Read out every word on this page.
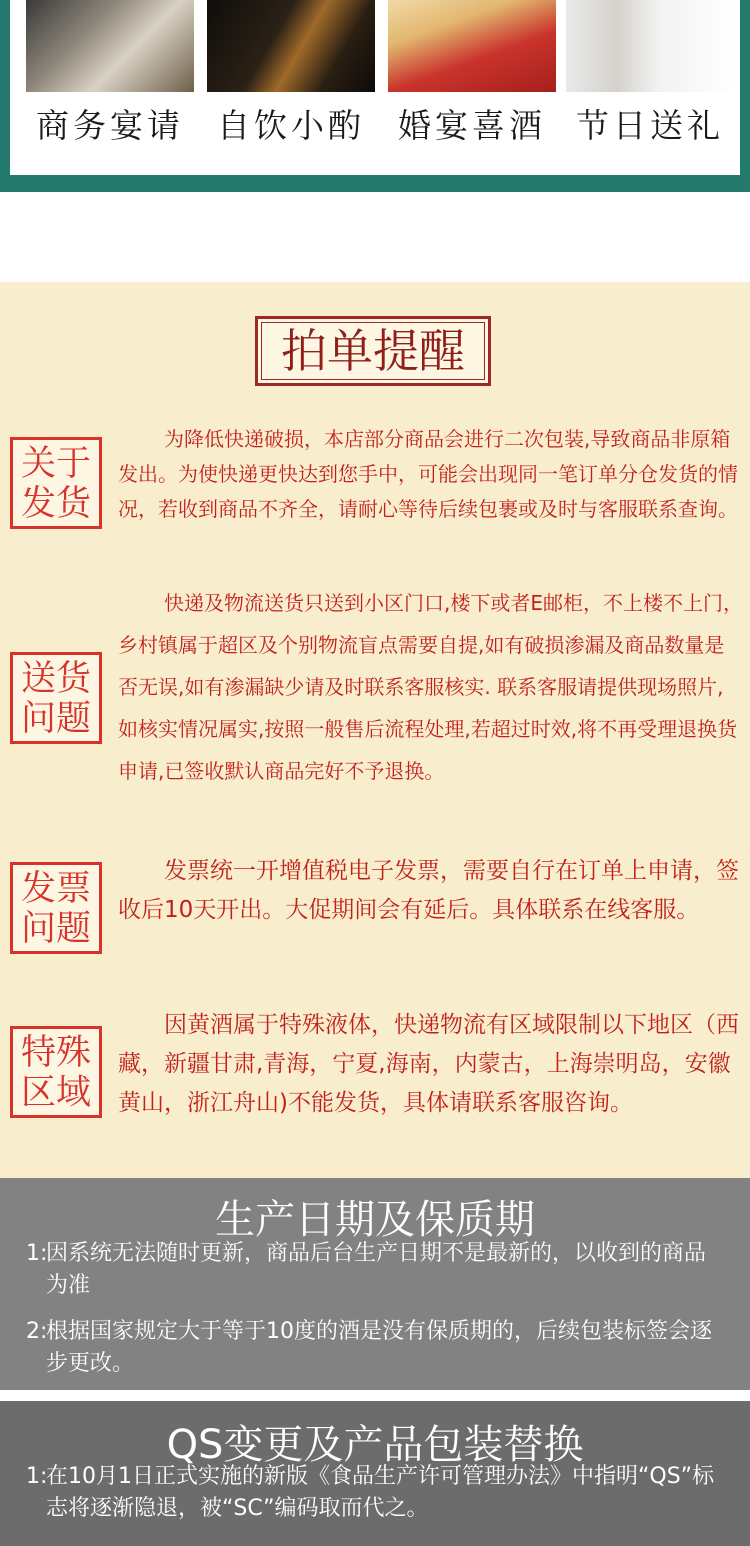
商务宴请	自饮小酌	婚宴喜酒 节日送礼
拍单提醒
关于
发货
为降低快递破损，本店部分商品会进行二次包装,导致商品非原箱发出。为使快递更快达到您手中，可能会出现同一笔订单分仓发货的情况，若收到商品不齐全，请耐心等待后续包裹或及时与客服联系查询。
送货
问题
快递及物流送货只送到小区门口,楼下或者E邮柜，不上楼不上门，乡村镇属于超区及个别物流盲点需要自提,如有破损渗漏及商品数量是否无误,如有渗漏缺少请及时联系客服核实. 联系客服请提供现场照片,如核实情况属实,按照一般售后流程处理,若超过时效,将不再受理退换货申请,已签收默认商品完好不予退换。
发票
问题
发票统一开增值税电子发票，需要自行在订单上申请，签收后10天开出。大促期间会有延后。具体联系在线客服。
特殊
区域
因黄酒属于特殊液体，快递物流有区域限制以下地区（西藏，新疆甘肃,青海，宁夏,海南，内蒙古，上海崇明岛，安徽黄山，浙江舟山)不能发货，具体请联系客服咨询。
生产日期及保质期
1:
因系统无法随时更新，商品后台生产日期不是最新的，以收到的商品为准
2:
根据国家规定大于等于10度的酒是没有保质期的，后续包装标签会逐步更改。
QS变更及产品包装替换
1:
在10月1日正式实施的新版《食品生产许可管理办法》中指明“QS”标志将逐渐隐退，被“SC”编码取而代之。
